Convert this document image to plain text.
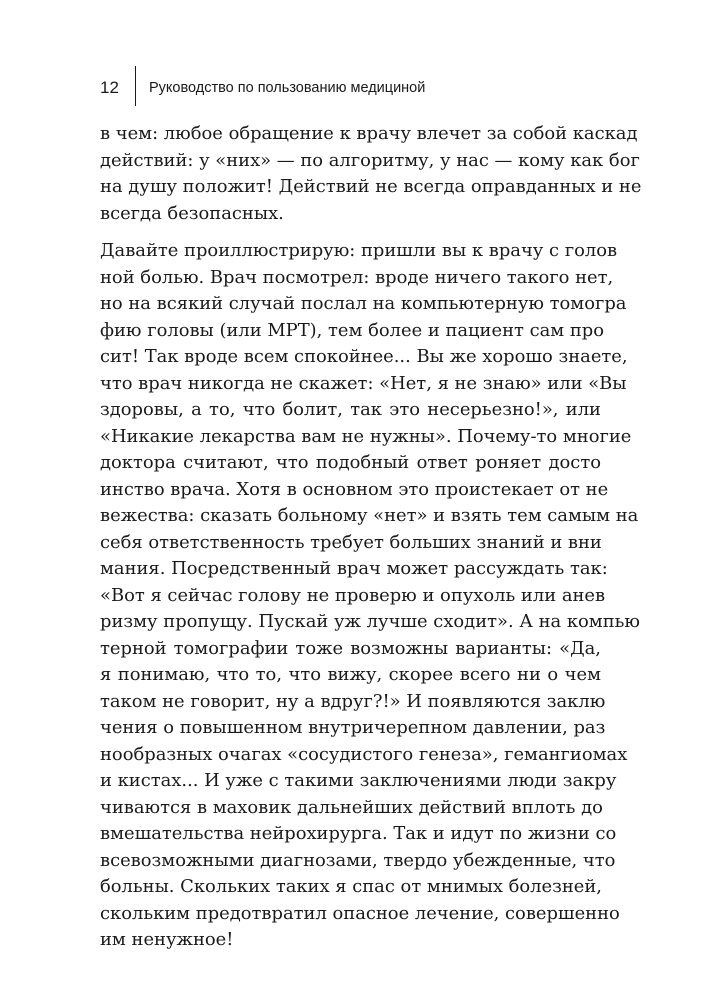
12 Руководство по пользованию медициной

в чем: любое обращение к врачу влечет за собой каскад
действий: у «них» — по алгоритму, у нас — кому как бог
на душу положит! Действий не всегда оправданных и не
всегда безопасных.

Давайте проиллюстрирую: пришли вы к врачу с голов
ной болью. Врач посмотрел: вроде ничего такого нет,
но на всякий случай послал на компьютерную томогра
фию головы (или МРТ), тем более и пациент сам про
сит! Так вроде всем спокойнее... Вы же хорошо знаете,
что врач никогда не скажет: «Нет, я не знаю» или «Вы
здоровы, а то, что болит, так это несерьезно!», или
«Никакие лекарства вам не нужны». Почему-то многие
доктора считают, что подобный ответ роняет досто
инство врача. Хотя в основном это проистекает от не
вежества: сказать больному «нет» и взять тем самым на
себя ответственность требует больших знаний и вни
мания. Посредственный врач может рассуждать так:
«Вот я сейчас голову не проверю и опухоль или анев
ризму пропущу. Пускай уж лучше сходит». А на компью
терной томографии тоже возможны варианты: «Да,
я понимаю, что то, что вижу, скорее всего ни о чем
таком не говорит, ну а вдруг?!» И появляются заклю
чения о повышенном внутричерепном давлении, раз
нообразных очагах «сосудистого генеза», гемангиомах
и кистах... И уже с такими заключениями люди закру
чиваются в маховик дальнейших действий вплоть до
вмешательства нейрохирурга. Так и идут по жизни со
всевозможными диагнозами, твердо убежденные, что
больны. Скольких таких я спас от мнимых болезней,
скольким предотвратил опасное лечение, совершенно
им ненужное!
